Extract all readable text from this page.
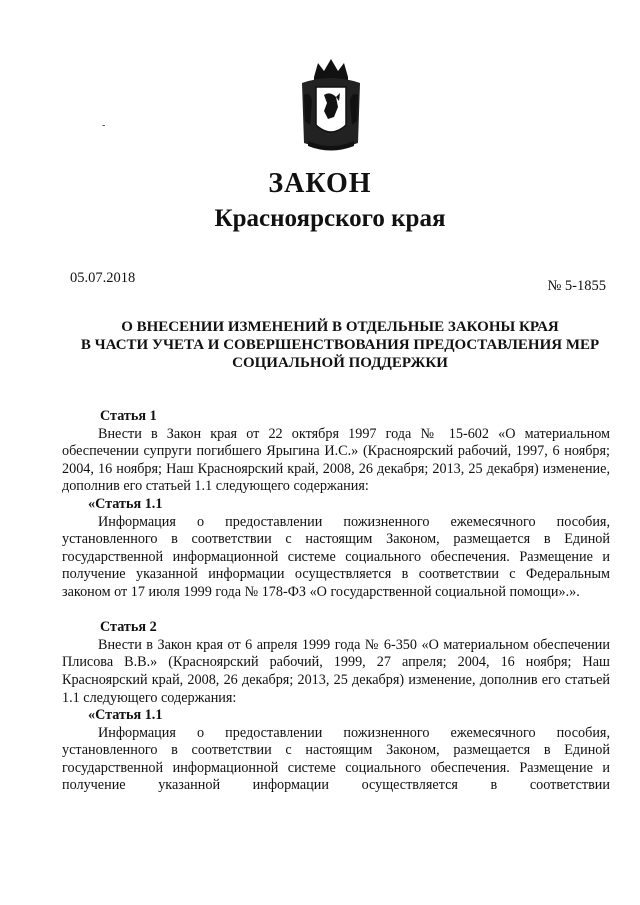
-
ЗАКОН
Красноярского края
05.07.2018	№ 5-1855
О ВНЕСЕНИИ ИЗМЕНЕНИЙ В ОТДЕЛЬНЫЕ ЗАКОНЫ КРАЯ
В ЧАСТИ УЧЕТА И СОВЕРШЕНСТВОВАНИЯ ПРЕДОСТАВЛЕНИЯ МЕР
СОЦИАЛЬНОЙ ПОДДЕРЖКИ
Статья 1

Внести в Закон края от 22 октября 1997 года № 15-602 «О материальном обеспечении супруги погибшего Ярыгина И.С.» (Красноярский рабочий, 1997, 6 ноября; 2004, 16 ноября; Наш Красноярский край, 2008, 26 декабря; 2013, 25 декабря) изменение, дополнив его статьей 1.1 следующего содержания:

«Статья 1.1

Информация о предоставлении пожизненного ежемесячного пособия, установленного в соответствии с настоящим Законом, размещается в Единой государственной информационной системе социального обеспечения. Размещение и получение указанной информации осуществляется в соответствии с Федеральным законом от 17 июля 1999 года № 178-ФЗ «О государственной социальной помощи».».

Статья 2

Внести в Закон края от 6 апреля 1999 года № 6-350 «О материальном обеспечении Плисова В.В.» (Красноярский рабочий, 1999, 27 апреля; 2004, 16 ноября; Наш Красноярский край, 2008, 26 декабря; 2013, 25 декабря) изменение, дополнив его статьей 1.1 следующего содержания:

«Статья 1.1

Информация о предоставлении пожизненного ежемесячного пособия, установленного в соответствии с настоящим Законом, размещается в Единой государственной информационной системе социального обеспечения. Размещение и получение указанной информации осуществляется в соответствии
